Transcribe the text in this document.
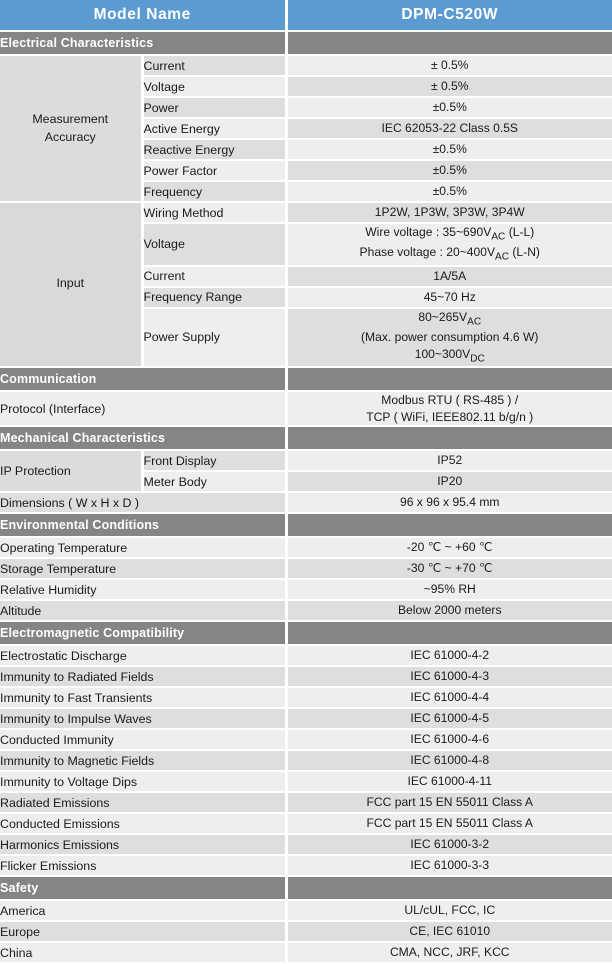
Model Name		DPM-C520W
Electrical Characteristics		
Measurement
Accuracy	Current	± 0.5%
	Voltage	± 0.5%
	Power	±0.5%
	Active Energy	IEC 62053-22 Class 0.5S
	Reactive Energy	±0.5%
	Power Factor	±0.5%
	Frequency	±0.5%
Input	Wiring Method	1P2W, 1P3W, 3P3W, 3P4W
	Voltage	Wire voltage : $35\sim 690V_{AC}$ (L-L)
Phase voltage : $20\sim 400V_{AC}$ (L-N)
	Current	1A/5A
	Frequency Range	45~70 Hz
	Power Supply	$80\sim 265V_{AC}$
(Max. power consumption 4.6 W)
$100\sim 300V_{DC}$
Communication		
Protocol (Interface)		Modbus RTU ( RS-485 ) /
TCP ( WiFi, IEEE802.11 b/g/n )
Mechanical Characteristics		
IP Protection	Front Display	IP52
	Meter Body	IP20
Dimensions ( W x H x D )		96 x 96 x 95.4 mm
Environmental Conditions		
Operating Temperature		-20 ℃ ~ +60 ℃
Storage Temperature		-30 ℃ ~ +70 ℃
Relative Humidity		~95% RH
Altitude		Below 2000 meters
Electromagnetic Compatibility		
Electrostatic Discharge		IEC 61000-4-2
Immunity to Radiated Fields		IEC 61000-4-3
Immunity to Fast Transients		IEC 61000-4-4
Immunity to Impulse Waves		IEC 61000-4-5
Conducted Immunity		IEC 61000-4-6
Immunity to Magnetic Fields		IEC 61000-4-8
Immunity to Voltage Dips		IEC 61000-4-11
Radiated Emissions		FCC part 15 EN 55011 Class A
Conducted Emissions		FCC part 15 EN 55011 Class A
Harmonics Emissions		IEC 61000-3-2
Flicker Emissions		IEC 61000-3-3
Safety		
America		UL/cUL, FCC, IC
Europe		CE, IEC 61010
China		CMA, NCC, JRF, KCC
